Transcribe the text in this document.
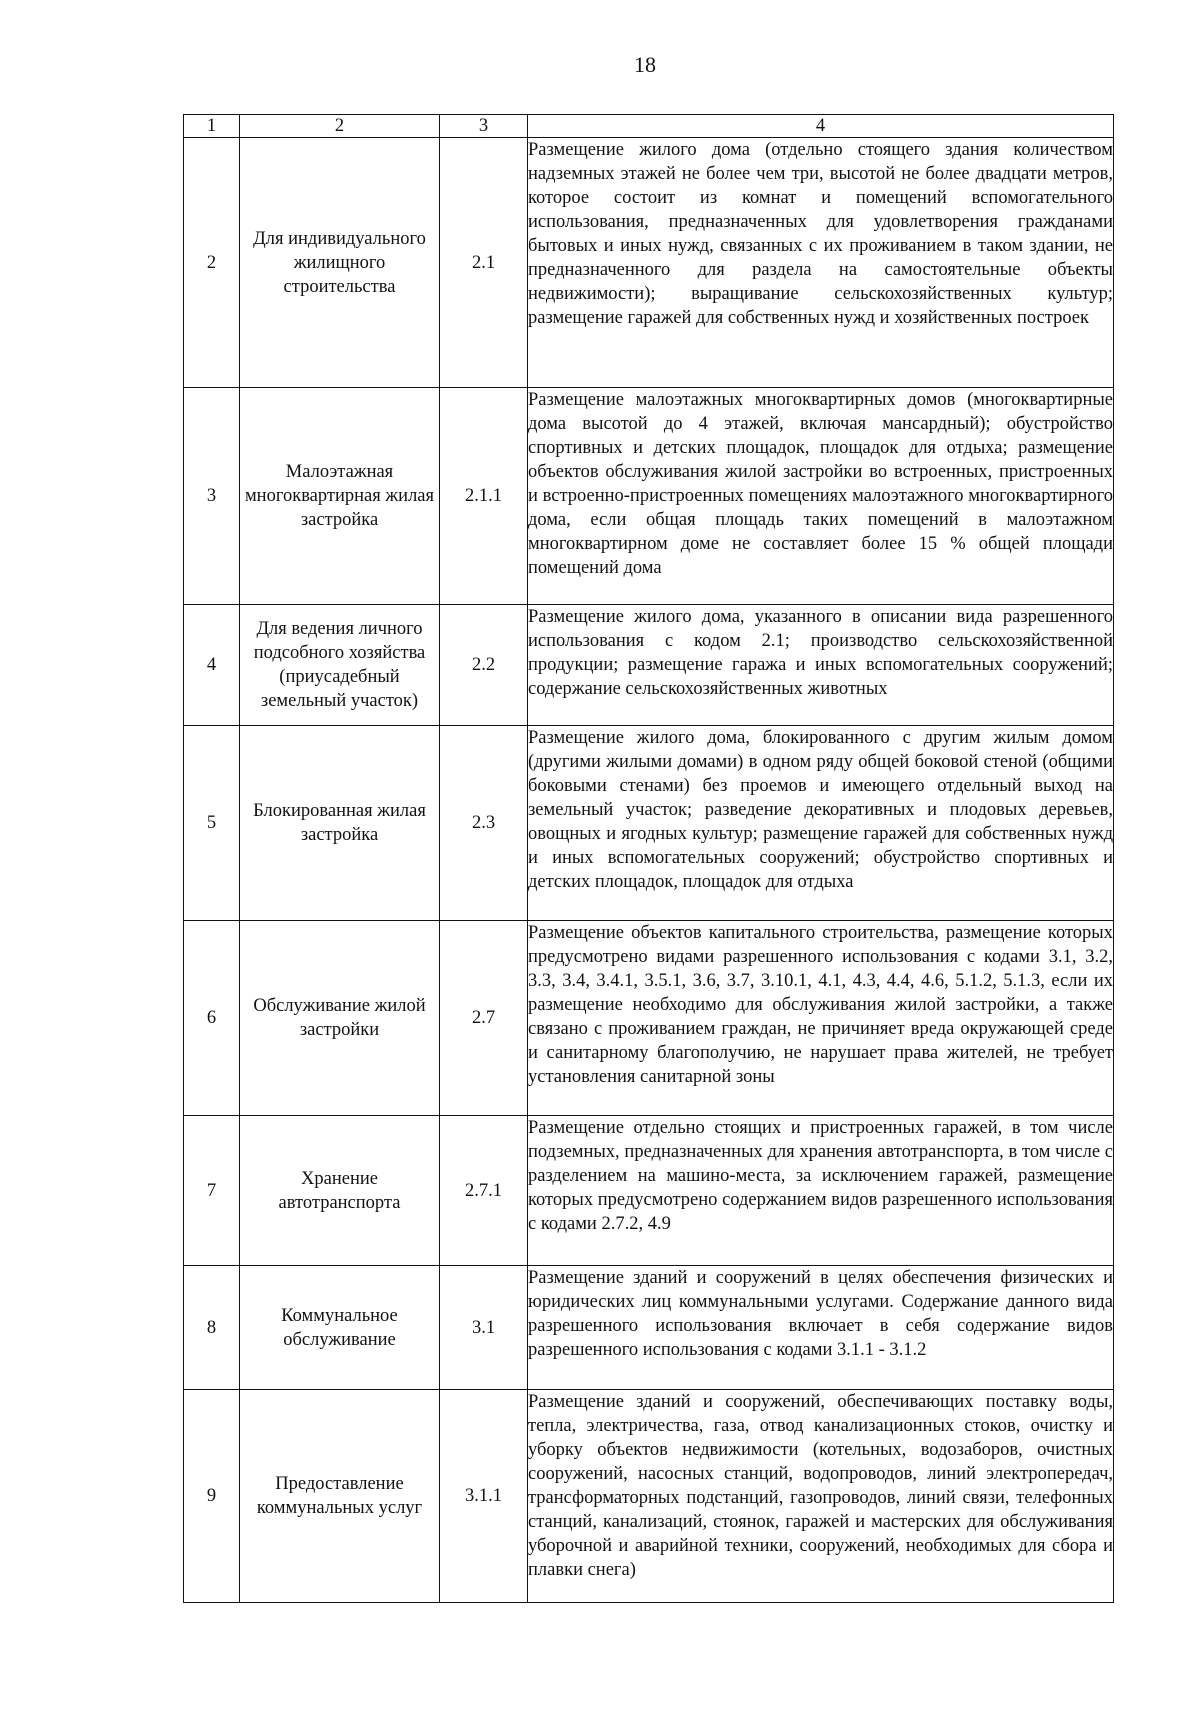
18
1	2	3	4
2	Для индивидуального жилищного строительства	2.1	Размещение жилого дома (отдельно стоящего здания количеством надземных этажей не более чем три, высотой не более двадцати метров, которое состоит из комнат и помещений вспомогательного использования, предназначенных для удовлетворения гражданами бытовых и иных нужд, связанных с их проживанием в таком здании, не предназначенного для раздела на самостоятельные объекты недвижимости); выращивание сельскохозяйственных культур; размещение гаражей для собственных нужд и хозяйственных построек
3	Малоэтажная многоквартирная жилая застройка	2.1.1	Размещение малоэтажных многоквартирных домов (многоквартирные дома высотой до 4 этажей, включая мансардный); обустройство спортивных и детских площадок, площадок для отдыха; размещение объектов обслуживания жилой застройки во встроенных, пристроенных и встроенно-пристроенных помещениях малоэтажного многоквартирного дома, если общая площадь таких помещений в малоэтажном многоквартирном доме не составляет более 15 % общей площади помещений дома
4	Для ведения личного подсобного хозяйства (приусадебный земельный участок)	2.2	Размещение жилого дома, указанного в описании вида разрешенного использования с кодом 2.1; производство сельскохозяйственной продукции; размещение гаража и иных вспомогательных сооружений; содержание сельскохозяйственных животных
5	Блокированная жилая застройка	2.3	Размещение жилого дома, блокированного с другим жилым домом (другими жилыми домами) в одном ряду общей боковой стеной (общими боковыми стенами) без проемов и имеющего отдельный выход на земельный участок; разведение декоративных и плодовых деревьев, овощных и ягодных культур; размещение гаражей для собственных нужд и иных вспомогательных сооружений; обустройство спортивных и детских площадок, площадок для отдыха
6	Обслуживание жилой застройки	2.7	Размещение объектов капитального строительства, размещение которых предусмотрено видами разрешенного использования с кодами 3.1, 3.2, 3.3, 3.4, 3.4.1, 3.5.1, 3.6, 3.7, 3.10.1, 4.1, 4.3, 4.4, 4.6, 5.1.2, 5.1.3, если их размещение необходимо для обслуживания жилой застройки, а также связано с проживанием граждан, не причиняет вреда окружающей среде и санитарному благополучию, не нарушает права жителей, не требует установления санитарной зоны
7	Хранение автотранспорта	2.7.1	Размещение отдельно стоящих и пристроенных гаражей, в том числе подземных, предназначенных для хранения автотранспорта, в том числе с разделением на машино-места, за исключением гаражей, размещение которых предусмотрено содержанием видов разрешенного использования с кодами 2.7.2, 4.9
8	Коммунальное обслуживание	3.1	Размещение зданий и сооружений в целях обеспечения физических и юридических лиц коммунальными услугами. Содержание данного вида разрешенного использования включает в себя содержание видов разрешенного использования с кодами 3.1.1 - 3.1.2
9	Предоставление коммунальных услуг	3.1.1	Размещение зданий и сооружений, обеспечивающих поставку воды, тепла, электричества, газа, отвод канализационных стоков, очистку и уборку объектов недвижимости (котельных, водозаборов, очистных сооружений, насосных станций, водопроводов, линий электропередач, трансформаторных подстанций, газопроводов, линий связи, телефонных станций, канализаций, стоянок, гаражей и мастерских для обслуживания уборочной и аварийной техники, сооружений, необходимых для сбора и плавки снега)
